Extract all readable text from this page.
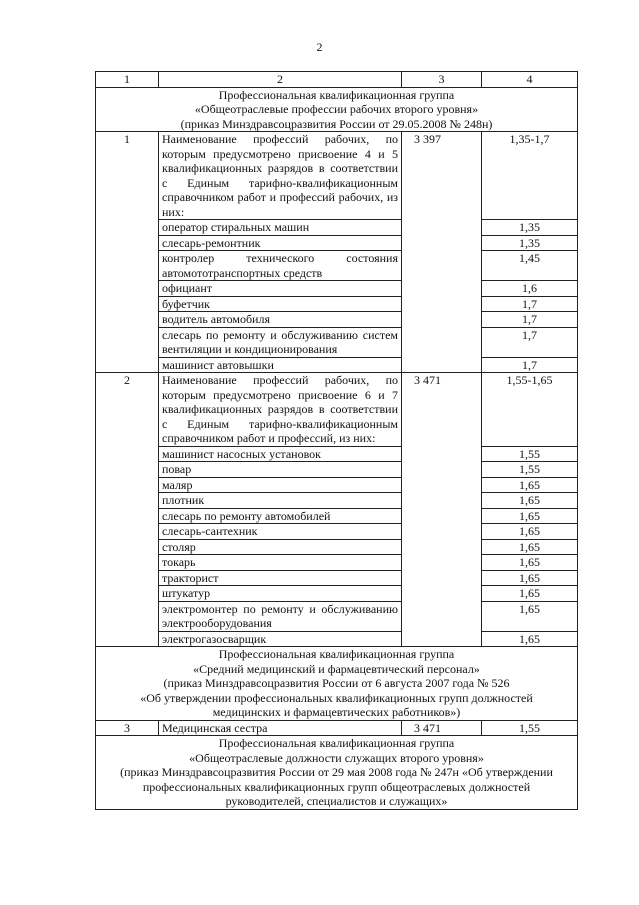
2
1	2	3	4

Профессиональная квалификационная группа
«Общеотраслевые профессии рабочих второго уровня»
(приказ Минздравсоцразвития России от 29.05.2008 № 248н)			

1	Наименование профессий рабочих, по которым предусмотрено присвоение 4 и 5 квалификационных разрядов в соответствии с Единым тарифно-квалификационным справочником работ и профессий рабочих, из них:	3 397	1,35-1,7
	оператор стиральных машин		1,35
	слесарь-ремонтник		1,35
	контролер технического состояния автомототранспортных средств		1,45
	официант		1,6
	буфетчик		1,7
	водитель автомобиля		1,7
	слесарь по ремонту и обслуживанию систем вентиляции и кондиционирования		1,7
	машинист автовышки		1,7
2	Наименование профессий рабочих, по которым предусмотрено присвоение 6 и 7 квалификационных разрядов в соответствии с Единым тарифно-квалификационным справочником работ и профессий, из них:	3 471	1,55-1,65
	машинист насосных установок		1,55
	повар		1,55
	маляр		1,65
	плотник		1,65
	слесарь по ремонту автомобилей		1,65
	слесарь-сантехник		1,65
	столяр		1,65
	токарь		1,65
	тракторист		1,65
	штукатур		1,65
	электромонтер по ремонту и обслуживанию электрооборудования		1,65
	электрогазосварщик		1,65

Профессиональная квалификационная группа
«Средний медицинский и фармацевтический персонал»
(приказ Минздравсоцразвития России от 6 августа 2007 года № 526
«Об утверждении профессиональных квалификационных групп должностей
медицинских и фармацевтических работников»)			

3	Медицинская сестра	3 471	1,55

Профессиональная квалификационная группа
«Общеотраслевые должности служащих второго уровня»
(приказ Минздравсоцразвития России от 29 мая 2008 года № 247н «Об утверждении
профессиональных квалификационных групп общеотраслевых должностей
руководителей, специалистов и служащих»			
